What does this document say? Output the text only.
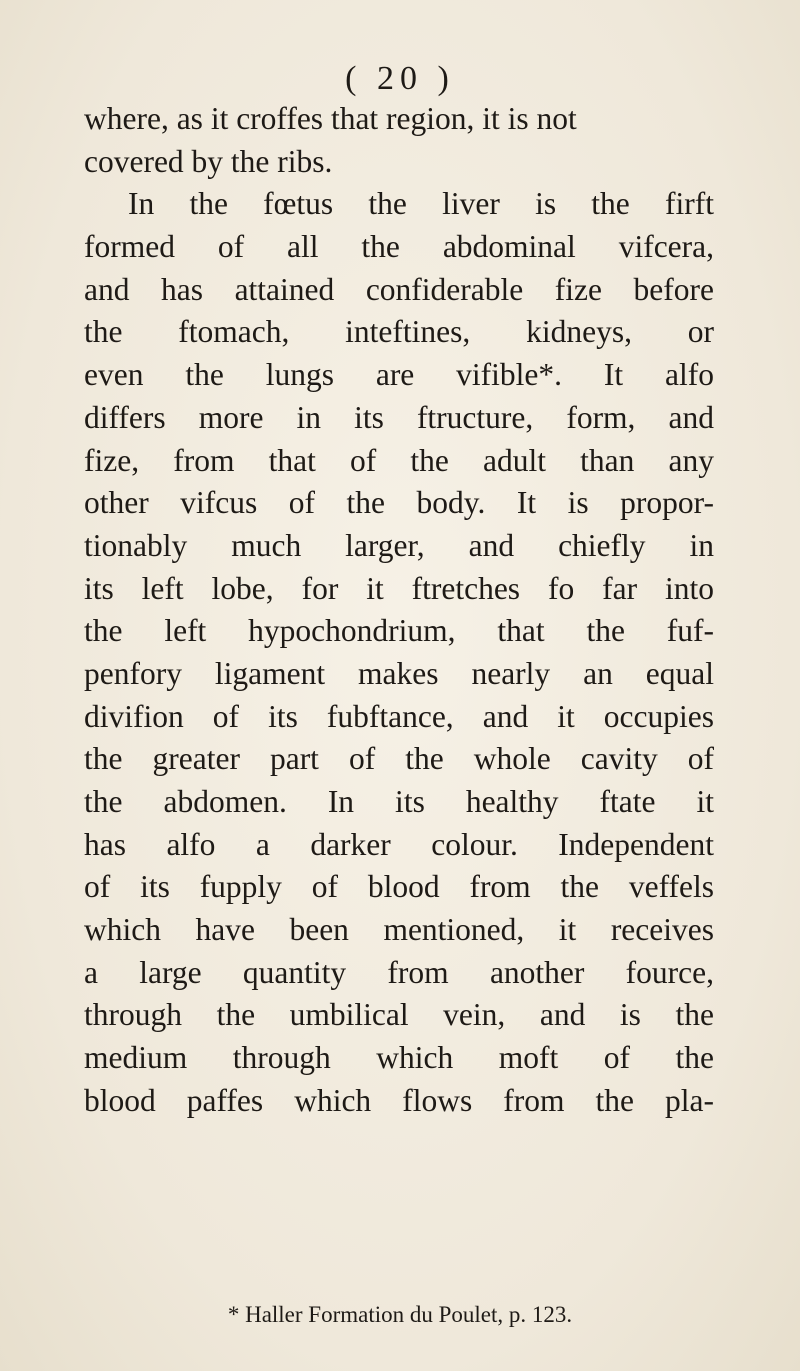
( 20 )
where, as it croffes that region, it is not
covered by the ribs.
In the fœtus the liver is the firft
formed of all the abdominal vifcera,
and has attained confiderable fize before
the ftomach, inteftines, kidneys, or
even the lungs are vifible*. It alfo
differs more in its ftructure, form, and
fize, from that of the adult than any
other vifcus of the body. It is propor-
tionably much larger, and chiefly in
its left lobe, for it ftretches fo far into
the left hypochondrium, that the fuf-
penfory ligament makes nearly an equal
divifion of its fubftance, and it occupies
the greater part of the whole cavity of
the abdomen. In its healthy ftate it
has alfo a darker colour. Independent
of its fupply of blood from the veffels
which have been mentioned, it receives
a large quantity from another fource,
through the umbilical vein, and is the
medium through which moft of the
blood paffes which flows from the pla-
* Haller Formation du Poulet, p. 123.
